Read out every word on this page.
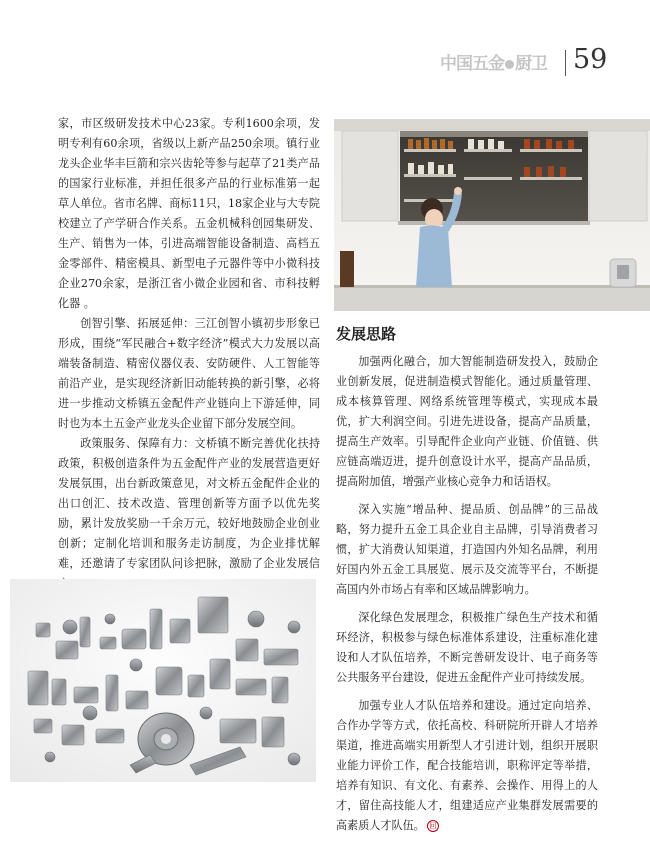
中国五金 厨卫 59

家，市区级研发技术中心23家。专利1600余项，发明专利有60余项，省级以上新产品250余项。镇行业龙头企业华丰巨箭和宗兴齿轮等参与起草了21类产品的国家行业标准，并担任很多产品的行业标准第一起草人单位。省市名牌、商标11只，18家企业与大专院校建立了产学研合作关系。五金机械科创园集研发、生产、销售为一体，引进高端智能设备制造、高档五金零部件、精密模具、新型电子元器件等中小微科技企业270余家，是浙江省小微企业园和省、市科技孵化器 。

创智引擎、拓展延伸：三江创智小镇初步形象已形成，围绕“军民融合+数字经济”模式大力发展以高端装备制造、精密仪器仪表、安防硬件、人工智能等前沿产业，是实现经济新旧动能转换的新引擎，必将进一步推动文桥镇五金配件产业链向上下游延伸，同时也为本土五金产业龙头企业留下部分发展空间。

政策服务、保障有力：文桥镇不断完善优化扶持政策，积极创造条件为五金配件产业的发展营造更好发展氛围，出台新政策意见，对文桥五金配件企业的出口创汇、技术改造、管理创新等方面予以优先奖励，累计发放奖励一千余万元，较好地鼓励企业创业创新；定制化培训和服务走访制度，为企业排忧解难，还邀请了专家团队问诊把脉，激励了企业发展信

发展思路

加强两化融合，加大智能制造研发投入，鼓励企业创新发展，促进制造模式智能化。通过质量管理、成本核算管理、网络系统管理等模式，实现成本最优，扩大利润空间。引进先进设备，提高产品质量，提高生产效率。引导配件企业向产业链、价值链、供应链高端迈进，提升创意设计水平，提高产品品质，提高附加值，增强产业核心竞争力和话语权。

深入实施“增品种、提品质、创品牌”的三品战略，努力提升五金工具企业自主品牌，引导消费者习惯，扩大消费认知渠道，打造国内外知名品牌，利用好国内外五金工具展览、展示及交流等平台，不断提高国内外市场占有率和区域品牌影响力。

深化绿色发展理念，积极推广绿色生产技术和循环经济，积极参与绿色标准体系建设，注重标准化建设和人才队伍培养，不断完善研发设计、电子商务等公共服务平台建设，促进五金配件产业可持续发展。

加强专业人才队伍培养和建设。通过定向培养、合作办学等方式，依托高校、科研院所开辟人才培养渠道，推进高端实用新型人才引进计划，组织开展职业能力评价工作，配合技能培训，职称评定等举措，培养有知识、有文化、有素养、会操作、用得上的人才，留住高技能人才，组建适应产业集群发展需要的高素质人才队伍。 回
